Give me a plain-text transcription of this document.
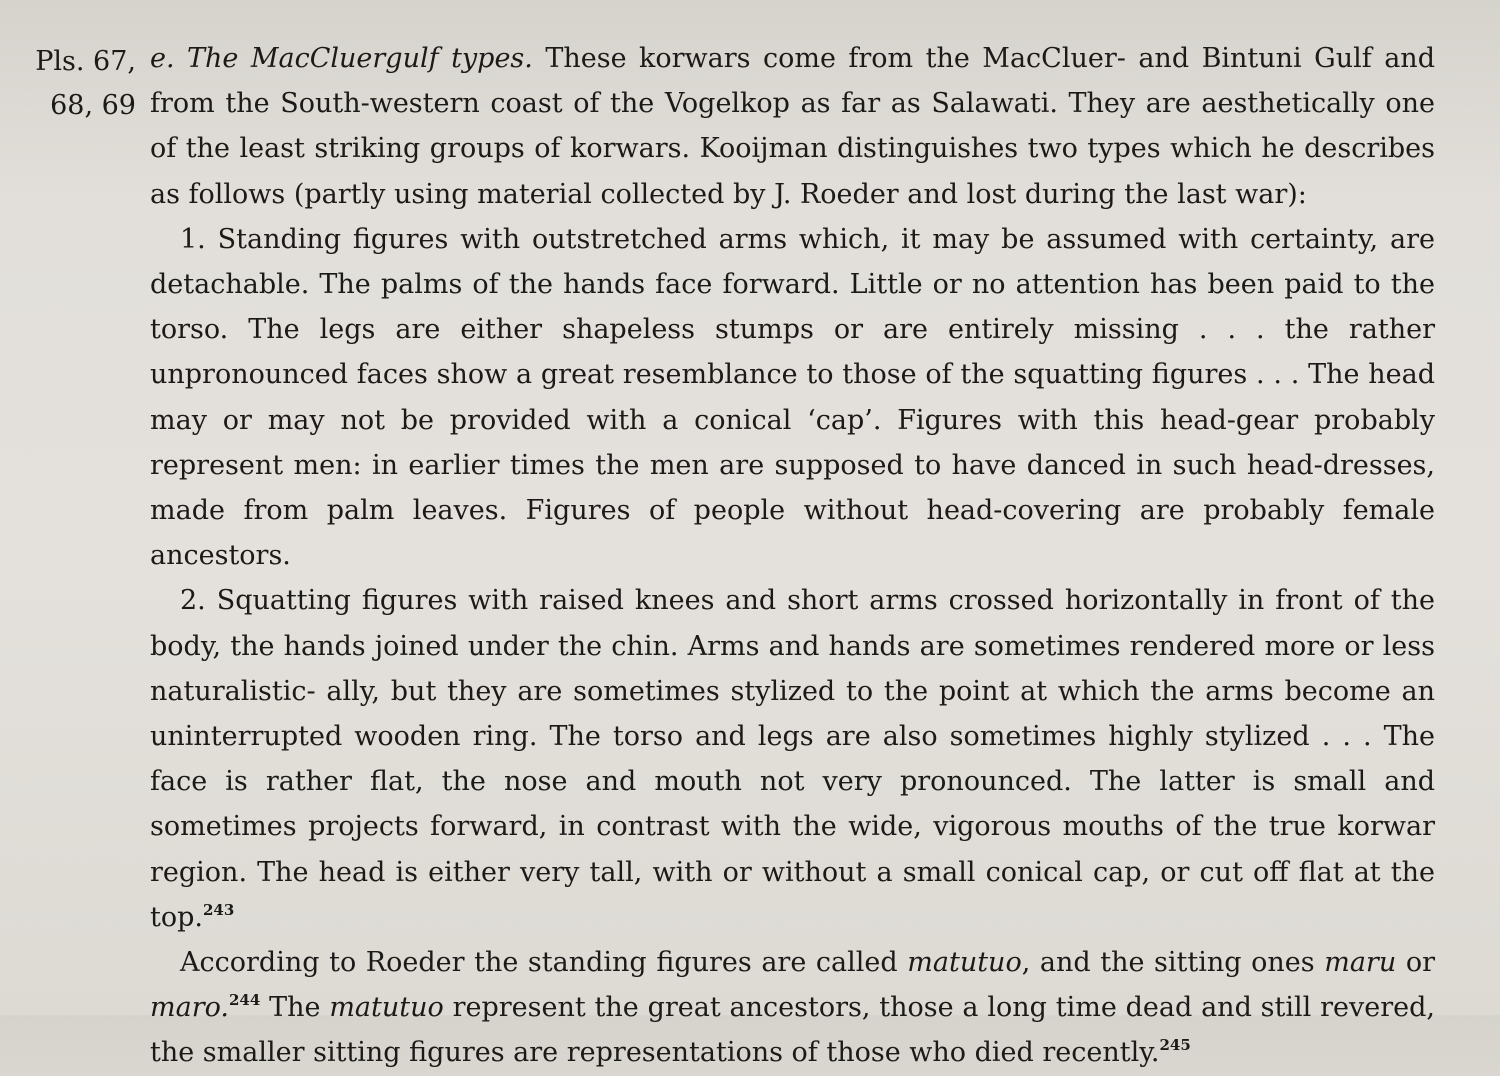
Pls. 67,
68, 69

e. The MacCluergulf types. These korwars come from the MacCluer- and Bintuni Gulf and from the South-western coast of the Vogelkop as far as Salawati. They are aesthetically one of the least striking groups of korwars. Kooijman distinguishes two types which he describes as follows (partly using material collected by J. Roeder and lost during the last war):

1. Standing figures with outstretched arms which, it may be assumed with certainty, are detachable. The palms of the hands face forward. Little or no attention has been paid to the torso. The legs are either shapeless stumps or are entirely missing . . . the rather unpronounced faces show a great resemblance to those of the squatting figures . . . The head may or may not be provided with a conical ‘cap’. Figures with this head-gear probably represent men: in earlier times the men are supposed to have danced in such head-dresses, made from palm leaves. Figures of people without head-covering are probably female ancestors.

2. Squatting figures with raised knees and short arms crossed horizontally in front of the body, the hands joined under the chin. Arms and hands are sometimes rendered more or less naturalistic- ally, but they are sometimes stylized to the point at which the arms become an uninterrupted wooden ring. The torso and legs are also sometimes highly stylized . . . The face is rather flat, the nose and mouth not very pronounced. The latter is small and sometimes projects forward, in contrast with the wide, vigorous mouths of the true korwar region. The head is either very tall, with or without a small conical cap, or cut off flat at the top.$^{243}$

According to Roeder the standing figures are called matutuo, and the sitting ones maru or maro.$^{244}$ The matutuo represent the great ancestors, those a long time dead and still revered, the smaller sitting figures are representations of those who died recently.$^{245}$
